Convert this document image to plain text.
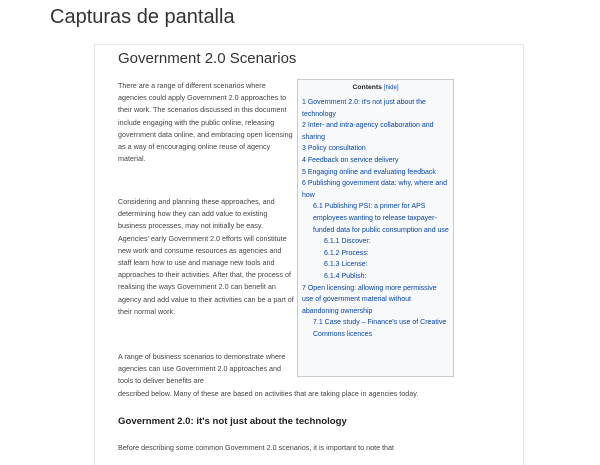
Capturas de pantalla
Government 2.0 Scenarios

There are a range of different scenarios where agencies could apply Government 2.0 approaches to their work. The scenarios discussed in this document include engaging with the public online, releasing government data online, and embracing open licensing as a way of encouraging online reuse of agency material.

Considering and planning these approaches, and determining how they can add value to existing business processes, may not initially be easy. Agencies' early Government 2.0 efforts will constitute new work and consume resources as agencies and staff learn how to use and manage new tools and approaches to their activities. After that, the process of realising the ways Government 2.0 can benefit an agency and add value to their activities can be a part of their normal work.

A range of business scenarios to demonstrate where agencies can use Government 2.0 approaches and tools to deliver benefits are

described below. Many of these are based on activities that are taking place in agencies today.

Government 2.0: it's not just about the technology

Before describing some common Government 2.0 scenarios, it is important to note that

Contents [hide]

1 Government 2.0: it's not just about the technology
2 Inter- and intra-agency collaboration and sharing
3 Policy consultation
4 Feedback on service delivery
5 Engaging online and evaluating feedback
6 Publishing government data: why, where and how
6.1 Publishing PSI: a primer for APS employees wanting to release taxpayer-funded data for public consumption and use
6.1.1 Discover:
6.1.2 Process:
6.1.3 License:
6.1.4 Publish:
7 Open licensing: allowing more permissive use of government material without abandoning ownership
7.1 Case study – Finance's use of Creative Commons licences
